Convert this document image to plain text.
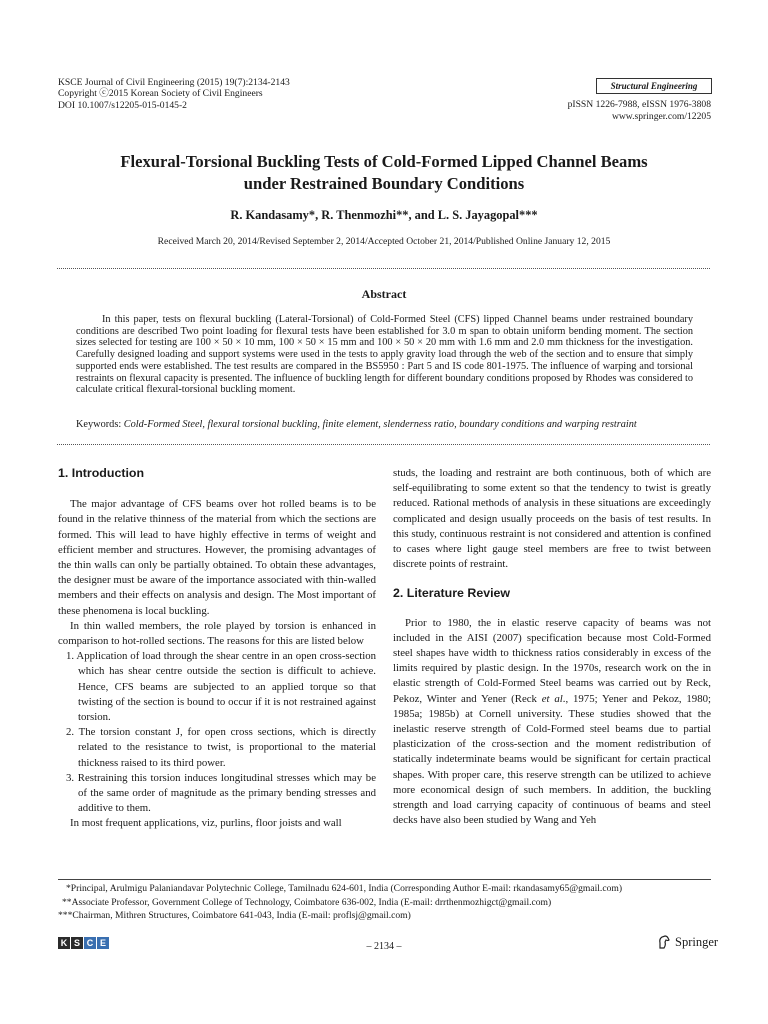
KSCE Journal of Civil Engineering (2015) 19(7):2134-2143
Copyright ⓒ2015 Korean Society of Civil Engineers
DOI 10.1007/s12205-015-0145-2
Structural Engineering
pISSN 1226-7988, eISSN 1976-3808
www.springer.com/12205
Flexural-Torsional Buckling Tests of Cold-Formed Lipped Channel Beams
under Restrained Boundary Conditions
R. Kandasamy*, R. Thenmozhi**, and L. S. Jayagopal***
Received March 20, 2014/Revised September 2, 2014/Accepted October 21, 2014/Published Online January 12, 2015
Abstract
In this paper, tests on flexural buckling (Lateral-Torsional) of Cold-Formed Steel (CFS) lipped Channel beams under restrained boundary conditions are described Two point loading for flexural tests have been established for 3.0 m span to obtain uniform bending moment. The section sizes selected for testing are 100 × 50 × 10 mm, 100 × 50 × 15 mm and 100 × 50 × 20 mm with 1.6 mm and 2.0 mm thickness for the investigation. Carefully designed loading and support systems were used in the tests to apply gravity load through the web of the section and to ensure that simply supported ends were established. The test results are compared in the BS5950 : Part 5 and IS code 801-1975. The influence of warping and torsional restraints on flexural capacity is presented. The influence of buckling length for different boundary conditions proposed by Rhodes was considered to calculate critical flexural-torsional buckling moment.
Keywords: Cold-Formed Steel, flexural torsional buckling, finite element, slenderness ratio, boundary conditions and warping restraint
1. Introduction

The major advantage of CFS beams over hot rolled beams is to be found in the relative thinness of the material from which the sections are formed. This will lead to have highly effective in terms of weight and efficient member and structures. However, the promising advantages of the thin walls can only be partially obtained. To obtain these advantages, the designer must be aware of the importance associated with thin-walled members and their effects on analysis and design. The Most important of these phenomena is local buckling.

In thin walled members, the role played by torsion is enhanced in comparison to hot-rolled sections. The reasons for this are listed below

1. Application of load through the shear centre in an open cross-section which has shear centre outside the section is difficult to achieve. Hence, CFS beams are subjected to an applied torque so that twisting of the section is bound to occur if it is not restrained against torsion.
2. The torsion constant J, for open cross sections, which is directly related to the resistance to twist, is proportional to the material thickness raised to its third power.
3. Restraining this torsion induces longitudinal stresses which may be of the same order of magnitude as the primary bending stresses and additive to them.

In most frequent applications, viz, purlins, floor joists and wall

studs, the loading and restraint are both continuous, both of which are self-equilibrating to some extent so that the tendency to twist is greatly reduced. Rational methods of analysis in these situations are exceedingly complicated and design usually proceeds on the basis of test results. In this study, continuous restraint is not considered and attention is confined to cases where light gauge steel members are free to twist between discrete points of restraint.

2. Literature Review

Prior to 1980, the in elastic reserve capacity of beams was not included in the AISI (2007) specification because most Cold-Formed steel shapes have width to thickness ratios considerably in excess of the limits required by plastic design. In the 1970s, research work on the in elastic strength of Cold-Formed Steel beams was carried out by Reck, Pekoz, Winter and Yener (Reck et al., 1975; Yener and Pekoz, 1980; 1985a; 1985b) at Cornell university. These studies showed that the inelastic reserve strength of Cold-Formed steel beams due to partial plasticization of the cross-section and the moment redistribution of statically indeterminate beams would be significant for certain practical shapes. With proper care, this reserve strength can be utilized to achieve more economical design of such members. In addition, the buckling strength and load carrying capacity of continuous of beams and steel decks have also been studied by Wang and Yeh

*Principal, Arulmigu Palaniandavar Polytechnic College, Tamilnadu 624-601, India (Corresponding Author E-mail: rkandasamy65@gmail.com)
**Associate Professor, Government College of Technology, Coimbatore 636-002, India (E-mail: drrthenmozhigct@gmail.com)
***Chairman, Mithren Structures, Coimbatore 641-043, India (E-mail: proflsj@gmail.com)
K S C E	– 2134 –	Springer
